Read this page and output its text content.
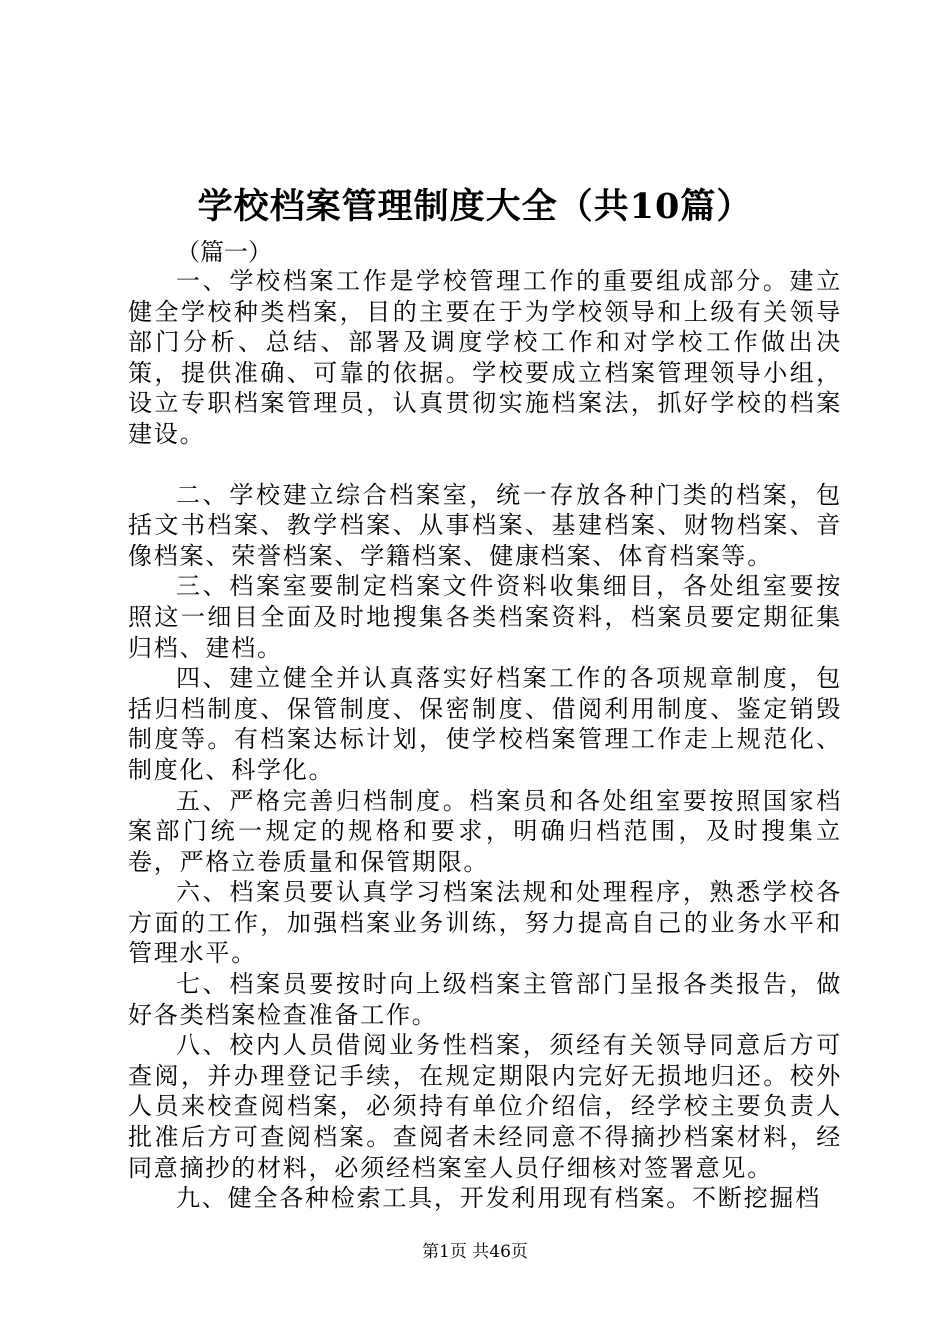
学校档案管理制度大全（共10篇）
（篇一）

一、学校档案工作是学校管理工作的重要组成部分。建立健全学校种类档案，目的主要在于为学校领导和上级有关领导部门分析、总结、部署及调度学校工作和对学校工作做出决策，提供准确、可靠的依据。学校要成立档案管理领导小组，设立专职档案管理员，认真贯彻实施档案法，抓好学校的档案建设。

二、学校建立综合档案室，统一存放各种门类的档案，包括文书档案、教学档案、从事档案、基建档案、财物档案、音像档案、荣誉档案、学籍档案、健康档案、体育档案等。

三、档案室要制定档案文件资料收集细目，各处组室要按照这一细目全面及时地搜集各类档案资料，档案员要定期征集归档、建档。

四、建立健全并认真落实好档案工作的各项规章制度，包括归档制度、保管制度、保密制度、借阅利用制度、鉴定销毁制度等。有档案达标计划，使学校档案管理工作走上规范化、制度化、科学化。

五、严格完善归档制度。档案员和各处组室要按照国家档案部门统一规定的规格和要求，明确归档范围，及时搜集立卷，严格立卷质量和保管期限。

六、档案员要认真学习档案法规和处理程序，熟悉学校各方面的工作，加强档案业务训练，努力提高自己的业务水平和管理水平。

七、档案员要按时向上级档案主管部门呈报各类报告，做好各类档案检查准备工作。

八、校内人员借阅业务性档案，须经有关领导同意后方可查阅，并办理登记手续，在规定期限内完好无损地归还。校外人员来校查阅档案，必须持有单位介绍信，经学校主要负责人批准后方可查阅档案。查阅者未经同意不得摘抄档案材料，经同意摘抄的材料，必须经档案室人员仔细核对签署意见。

九、健全各种检索工具，开发利用现有档案。不断挖掘档

第1页 共46页
